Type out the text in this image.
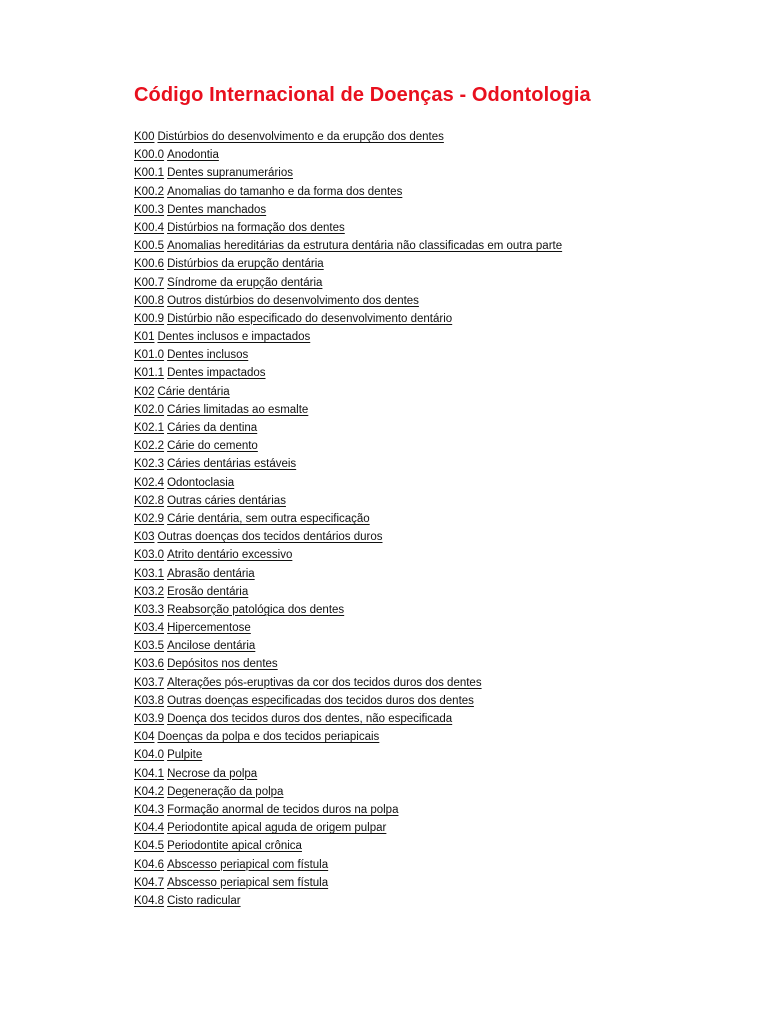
Código Internacional de Doenças - Odontologia
K00 Distúrbios do desenvolvimento e da erupção dos dentes
K00.0 Anodontia
K00.1 Dentes supranumerários
K00.2 Anomalias do tamanho e da forma dos dentes
K00.3 Dentes manchados
K00.4 Distúrbios na formação dos dentes
K00.5 Anomalias hereditárias da estrutura dentária não classificadas em outra parte
K00.6 Distúrbios da erupção dentária
K00.7 Síndrome da erupção dentária
K00.8 Outros distúrbios do desenvolvimento dos dentes
K00.9 Distúrbio não especificado do desenvolvimento dentário
K01 Dentes inclusos e impactados
K01.0 Dentes inclusos
K01.1 Dentes impactados
K02 Cárie dentária
K02.0 Cáries limitadas ao esmalte
K02.1 Cáries da dentina
K02.2 Cárie do cemento
K02.3 Cáries dentárias estáveis
K02.4 Odontoclasia
K02.8 Outras cáries dentárias
K02.9 Cárie dentária, sem outra especificação
K03 Outras doenças dos tecidos dentários duros
K03.0 Atrito dentário excessivo
K03.1 Abrasão dentária
K03.2 Erosão dentária
K03.3 Reabsorção patológica dos dentes
K03.4 Hipercementose
K03.5 Ancilose dentária
K03.6 Depósitos nos dentes
K03.7 Alterações pós-eruptivas da cor dos tecidos duros dos dentes
K03.8 Outras doenças especificadas dos tecidos duros dos dentes
K03.9 Doença dos tecidos duros dos dentes, não especificada
K04 Doenças da polpa e dos tecidos periapicais
K04.0 Pulpite
K04.1 Necrose da polpa
K04.2 Degeneração da polpa
K04.3 Formação anormal de tecidos duros na polpa
K04.4 Periodontite apical aguda de origem pulpar
K04.5 Periodontite apical crônica
K04.6 Abscesso periapical com fístula
K04.7 Abscesso periapical sem fístula
K04.8 Cisto radicular
